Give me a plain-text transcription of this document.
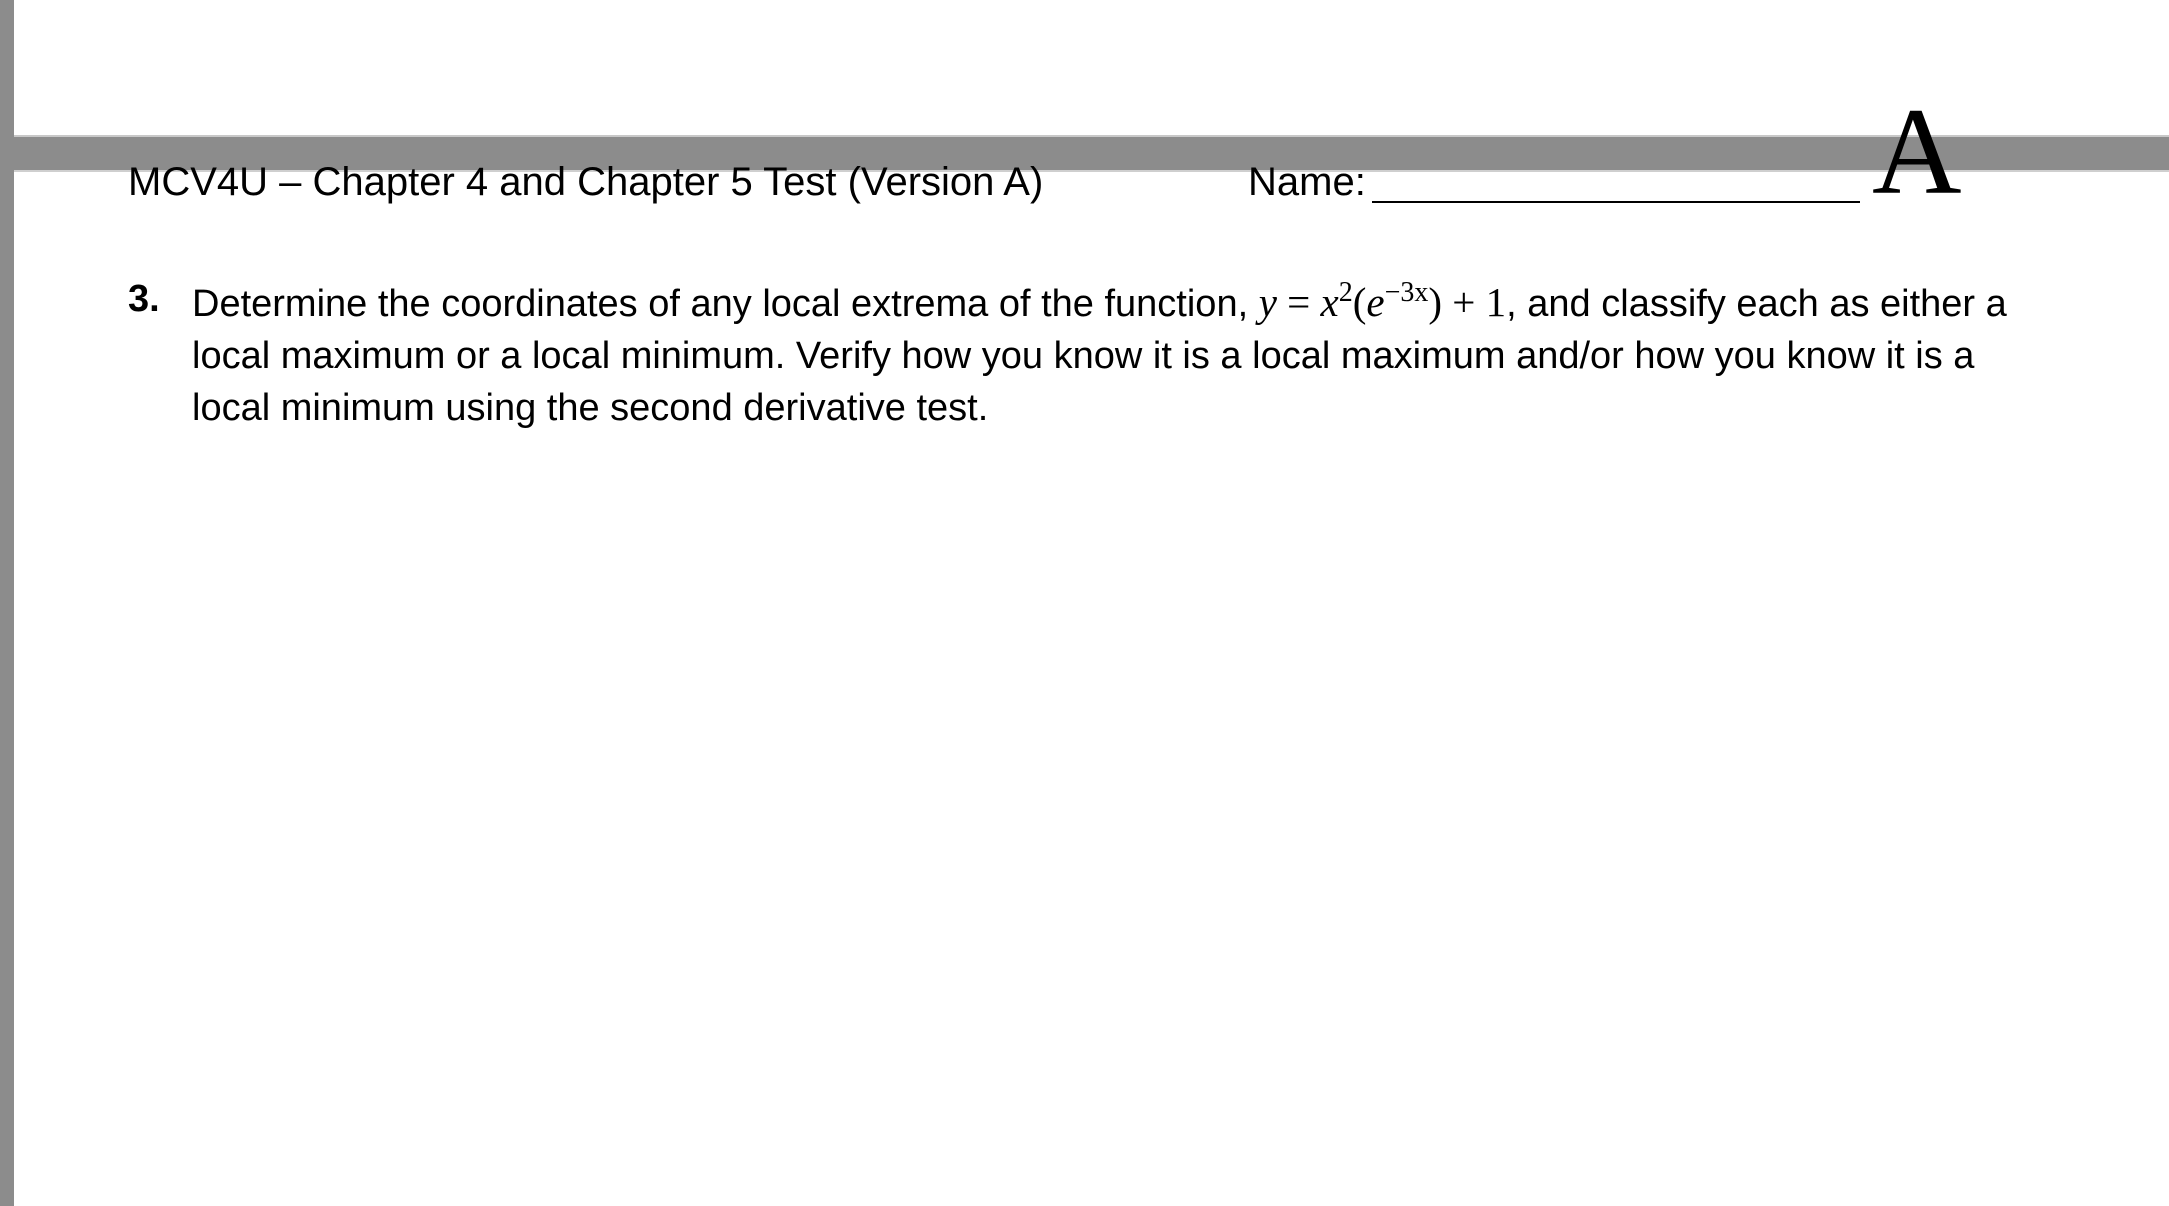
MCV4U – Chapter 4 and Chapter 5 Test (Version A)	Name:	A
3. Determine the coordinates of any local extrema of the function, $y = x^2(e^{-3x}) + 1$, and classify each as either a local maximum or a local minimum. Verify how you know it is a local maximum and/or how you know it is a local minimum using the second derivative test.
